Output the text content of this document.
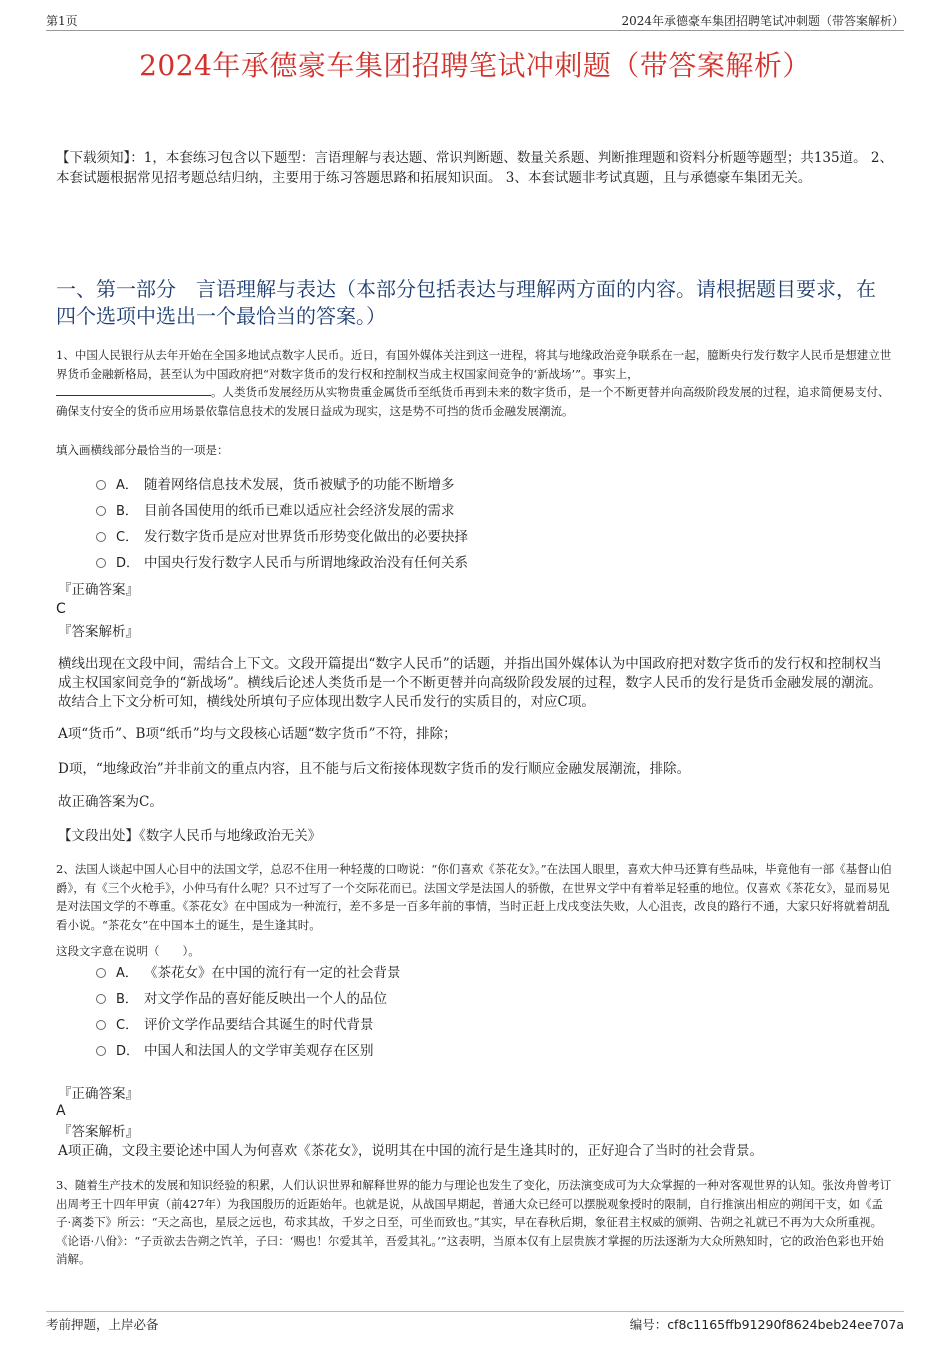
第1页	2024年承德豪车集团招聘笔试冲刺题（带答案解析）
2024年承德豪车集团招聘笔试冲刺题（带答案解析）
【下载须知】：1，本套练习包含以下题型：言语理解与表达题、常识判断题、数量关系题、判断推理题和资料分析题等题型；共135道。 2、本套试题根据常见招考题总结归纳，主要用于练习答题思路和拓展知识面。 3、本套试题非考试真题，且与承德豪车集团无关。
一、第一部分　言语理解与表达（本部分包括表达与理解两方面的内容。请根据题目要求，在四个选项中选出一个最恰当的答案。）
1、中国人民银行从去年开始在全国多地试点数字人民币。近日，有国外媒体关注到这一进程，将其与地缘政治竞争联系在一起，臆断央行发行数字人民币是想建立世界货币金融新格局，甚至认为中国政府把“对数字货币的发行权和控制权当成主权国家间竞争的‘新战场’”。事实上，
。人类货币发展经历从实物贵重金属货币至纸货币再到未来的数字货币，是一个不断更替并向高级阶段发展的过程，追求简便易支付、确保支付安全的货币应用场景依靠信息技术的发展日益成为现实，这是势不可挡的货币金融发展潮流。
填入画横线部分最恰当的一项是：
A． 随着网络信息技术发展，货币被赋予的功能不断增多
B． 目前各国使用的纸币已难以适应社会经济发展的需求
C． 发行数字货币是应对世界货币形势变化做出的必要抉择
D． 中国央行发行数字人民币与所谓地缘政治没有任何关系
『正确答案』
C
『答案解析』
横线出现在文段中间，需结合上下文。文段开篇提出“数字人民币”的话题，并指出国外媒体认为中国政府把对数字货币的发行权和控制权当成主权国家间竞争的“新战场”。横线后论述人类货币是一个不断更替并向高级阶段发展的过程，数字人民币的发行是货币金融发展的潮流。故结合上下文分析可知，横线处所填句子应体现出数字人民币发行的实质目的，对应C项。
A项“货币”、B项“纸币”均与文段核心话题“数字货币”不符，排除；
D项，“地缘政治”并非前文的重点内容，且不能与后文衔接体现数字货币的发行顺应金融发展潮流，排除。
故正确答案为C。
【文段出处】《数字人民币与地缘政治无关》
2、法国人谈起中国人心目中的法国文学，总忍不住用一种轻蔑的口吻说：“你们喜欢《茶花女》。”在法国人眼里，喜欢大仲马还算有些品味，毕竟他有一部《基督山伯爵》，有《三个火枪手》，小仲马有什么呢？只不过写了一个交际花而已。法国文学是法国人的骄傲，在世界文学中有着举足轻重的地位。仅喜欢《茶花女》，显而易见是对法国文学的不尊重。《茶花女》在中国成为一种流行，差不多是一百多年前的事情，当时正赶上戊戌变法失败，人心沮丧，改良的路行不通，大家只好将就着胡乱看小说。“茶花女”在中国本土的诞生，是生逢其时。
这段文字意在说明（　　）。
A． 《茶花女》在中国的流行有一定的社会背景
B． 对文学作品的喜好能反映出一个人的品位
C． 评价文学作品要结合其诞生的时代背景
D． 中国人和法国人的文学审美观存在区别
『正确答案』
A
『答案解析』
A项正确，文段主要论述中国人为何喜欢《茶花女》，说明其在中国的流行是生逢其时的，正好迎合了当时的社会背景。
3、随着生产技术的发展和知识经验的积累，人们认识世界和解释世界的能力与理论也发生了变化，历法演变成可为大众掌握的一种对客观世界的认知。张汝舟曾考订出周考王十四年甲寅（前427年）为我国殷历的近距始年。也就是说，从战国早期起，普通大众已经可以摆脱观象授时的限制，自行推演出相应的朔闰干支，如《孟子·离娄下》所云：“天之高也，星辰之远也，苟求其故，千岁之日至，可坐而致也。”其实，早在春秋后期，象征君主权威的颁朔、告朔之礼就已不再为大众所重视。《论语·八佾》：“子贡欲去告朔之饩羊，子曰：‘赐也！尔爱其羊，吾爱其礼。’”这表明，当原本仅有上层贵族才掌握的历法逐渐为大众所熟知时，它的政治色彩也开始消解。
考前押题，上岸必备	编号：cf8c1165ffb91290f8624beb24ee707a
